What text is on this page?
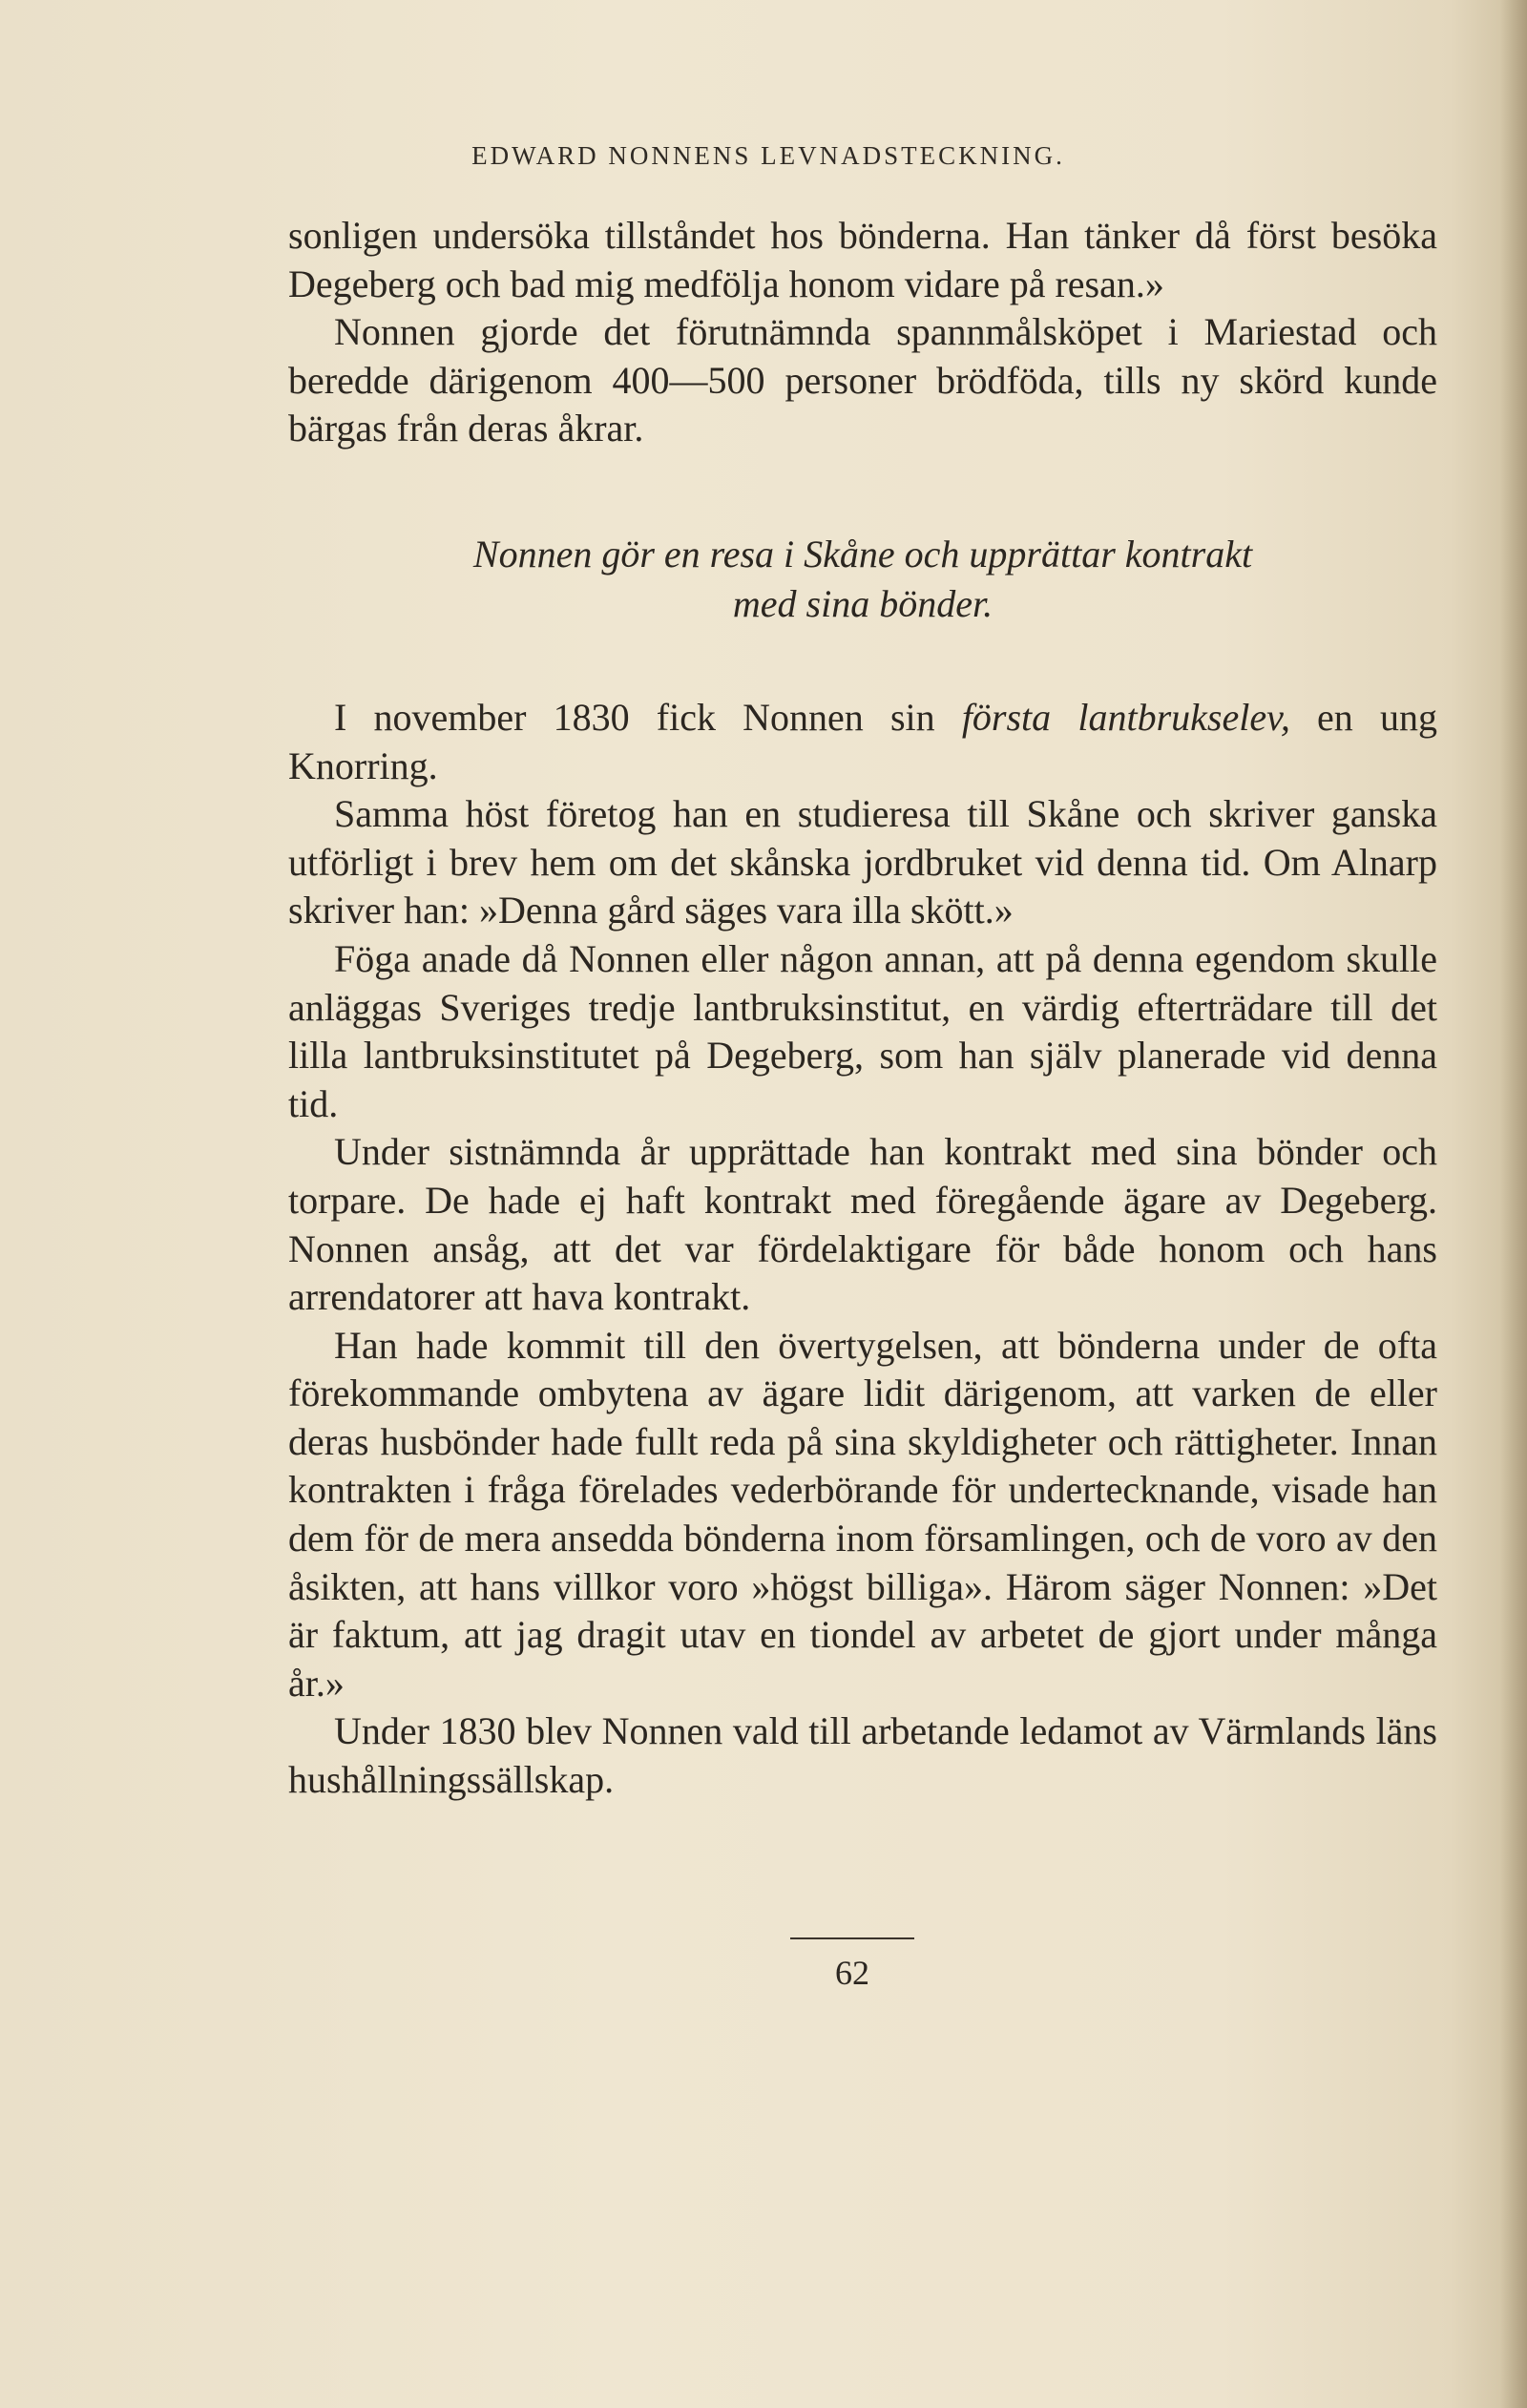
EDWARD NONNENS LEVNADSTECKNING.

sonligen undersöka tillståndet hos bönderna. Han tänker då först besöka Degeberg och bad mig medfölja honom vidare på resan.»

Nonnen gjorde det förutnämnda spannmålsköpet i Mariestad och beredde därigenom 400—500 personer brödföda, tills ny skörd kunde bärgas från deras åkrar.

Nonnen gör en resa i Skåne och upprättar kontrakt
med sina bönder.

I november 1830 fick Nonnen sin första lantbrukselev, en ung Knorring.

Samma höst företog han en studieresa till Skåne och skriver ganska utförligt i brev hem om det skånska jordbruket vid denna tid. Om Alnarp skriver han: »Denna gård säges vara illa skött.»

Föga anade då Nonnen eller någon annan, att på denna egendom skulle anläggas Sveriges tredje lantbruksinstitut, en värdig efterträdare till det lilla lantbruksinstitutet på Degeberg, som han själv planerade vid denna tid.

Under sistnämnda år upprättade han kontrakt med sina bönder och torpare. De hade ej haft kontrakt med föregående ägare av Degeberg. Nonnen ansåg, att det var fördelaktigare för både honom och hans arrendatorer att hava kontrakt.

Han hade kommit till den övertygelsen, att bönderna under de ofta förekommande ombytena av ägare lidit därigenom, att varken de eller deras husbönder hade fullt reda på sina skyldigheter och rättigheter. Innan kontrakten i fråga förelades vederbörande för undertecknande, visade han dem för de mera ansedda bönderna inom församlingen, och de voro av den åsikten, att hans villkor voro »högst billiga». Härom säger Nonnen: »Det är faktum, att jag dragit utav en tiondel av arbetet de gjort under många år.»

Under 1830 blev Nonnen vald till arbetande ledamot av Värmlands läns hushållningssällskap.

62
